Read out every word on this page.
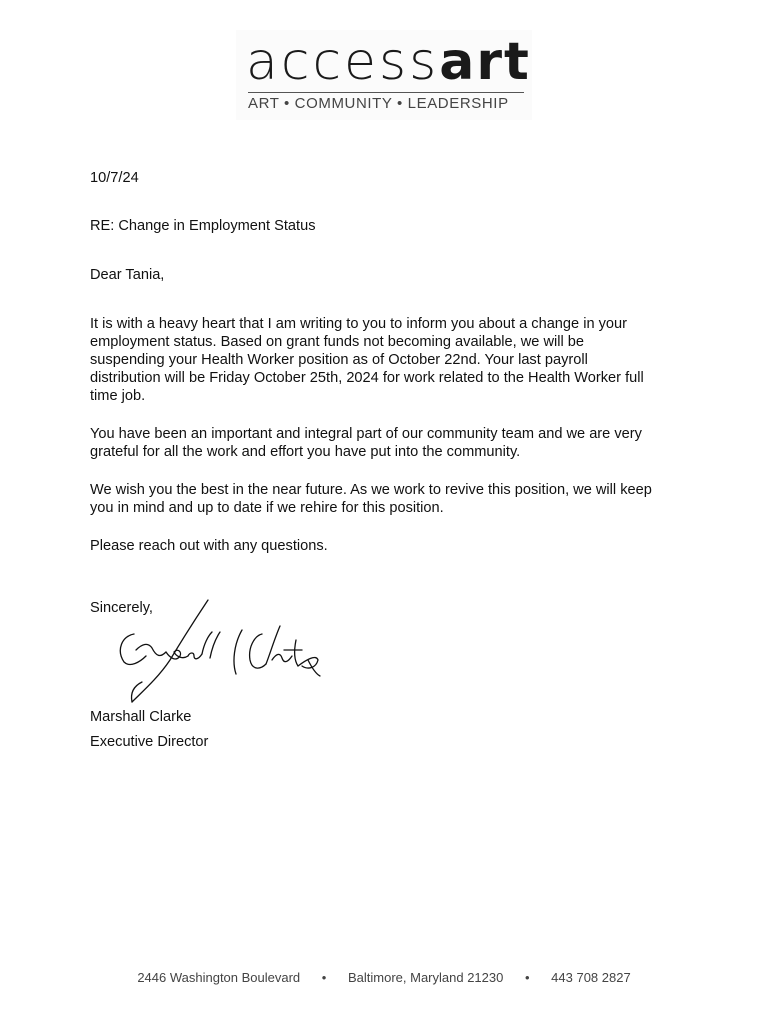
accessart
ART • COMMUNITY • LEADERSHIP
10/7/24
RE: Change in Employment Status
Dear Tania,
It is with a heavy heart that I am writing to you to inform you about a change in your
employment status. Based on grant funds not becoming available, we will be
suspending your Health Worker position as of October 22nd. Your last payroll
distribution will be Friday October 25th, 2024 for work related to the Health Worker full
time job.
You have been an important and integral part of our community team and we are very
grateful for all the work and effort you have put into the community.
We wish you the best in the near future. As we work to revive this position, we will keep
you in mind and up to date if we rehire for this position.
Please reach out with any questions.
Sincerely,
Marshall Clarke
Executive Director
2446 Washington Boulevard • Baltimore, Maryland 21230 • 443 708 2827
